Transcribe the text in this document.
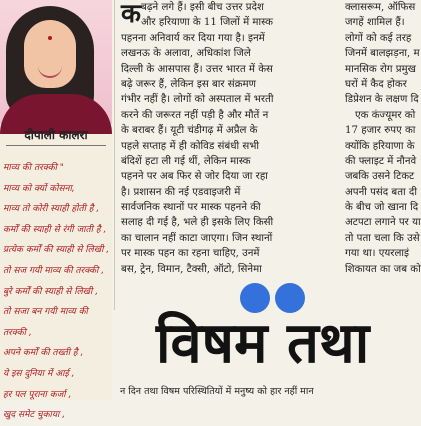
दीपाली कालरा
माव्य की तरक्की "
माव्य को क्यों कोसना,
माव्य तो कोरी स्याही होती है ,
कर्मों की स्याही से रंगी जाती है ,
प्रत्येक कर्मों की स्याही से लिखी ,
तो सज गयी माव्य की तरक्की ,
बुरे कर्मों की स्याही से लिखी ,
तो सजा बन गयी माव्य की
तरक्की ,
अपने कर्मों की तख्ती है ,
ये इस दुनिया में आई ,
हर पल पूराना कर्जा ,
खुद समेट चुकाया ,
क बढ़ने लगे हैं। इसी बीच उत्तर प्रदेश
और हरियाणा के 11 जिलों में मास्क
पहनना अनिवार्य कर दिया गया है। इनमें
लखनऊ के अलावा, अधिकांश जिले
दिल्ली के आसपास हैं। उत्तर भारत में केस
बढ़े जरूर हैं, लेकिन इस बार संक्रमण
गंभीर नहीं है। लोगों को अस्पताल में भरती
करने की जरूरत नहीं पड़ी है और मौतें न
के बराबर हैं। यूटी चंडीगढ़ में अप्रैल के
पहले सप्ताह में ही कोविड संबंधी सभी
बंदिशें हटा ली गई थीं, लेकिन मास्क
पहनने पर अब फिर से जोर दिया जा रहा
है। प्रशासन की नई एडवाइजरी में
सार्वजनिक स्थानों पर मास्क पहनने की
सलाह दी गई है, भले ही इसके लिए किसी
का चालान नहीं काटा जाएगा। जिन स्थानों
पर मास्क पहन का रहना चाहिए, उनमें
बस, ट्रेन, विमान, टैक्सी, ऑटो, सिनेमा
क्लासरूम, ऑफिस
जगहें शामिल हैं।
लोगों को कई तरह
जिनमें बालझड़ना, म
मानसिक रोग प्रमुख
घरों में कैद होकर
डिप्रेशन के लक्षण दि
एक कंज्यूमर को
17 हजार रुपए का
क्योंकि हरियाणा के
की फ्लाइट में नौनवे
जबकि उसने टिकट
अपनी पसंद बता दी
के बीच जो खाना दि
अटपटा लगाने पर या
तो पता चला कि उसे
गया था। एयरलाइं
शिकायत का जब को
विषम तथा
न दिन तथा विषम परिस्थितियों में मनुष्य को हार नहीं मान
